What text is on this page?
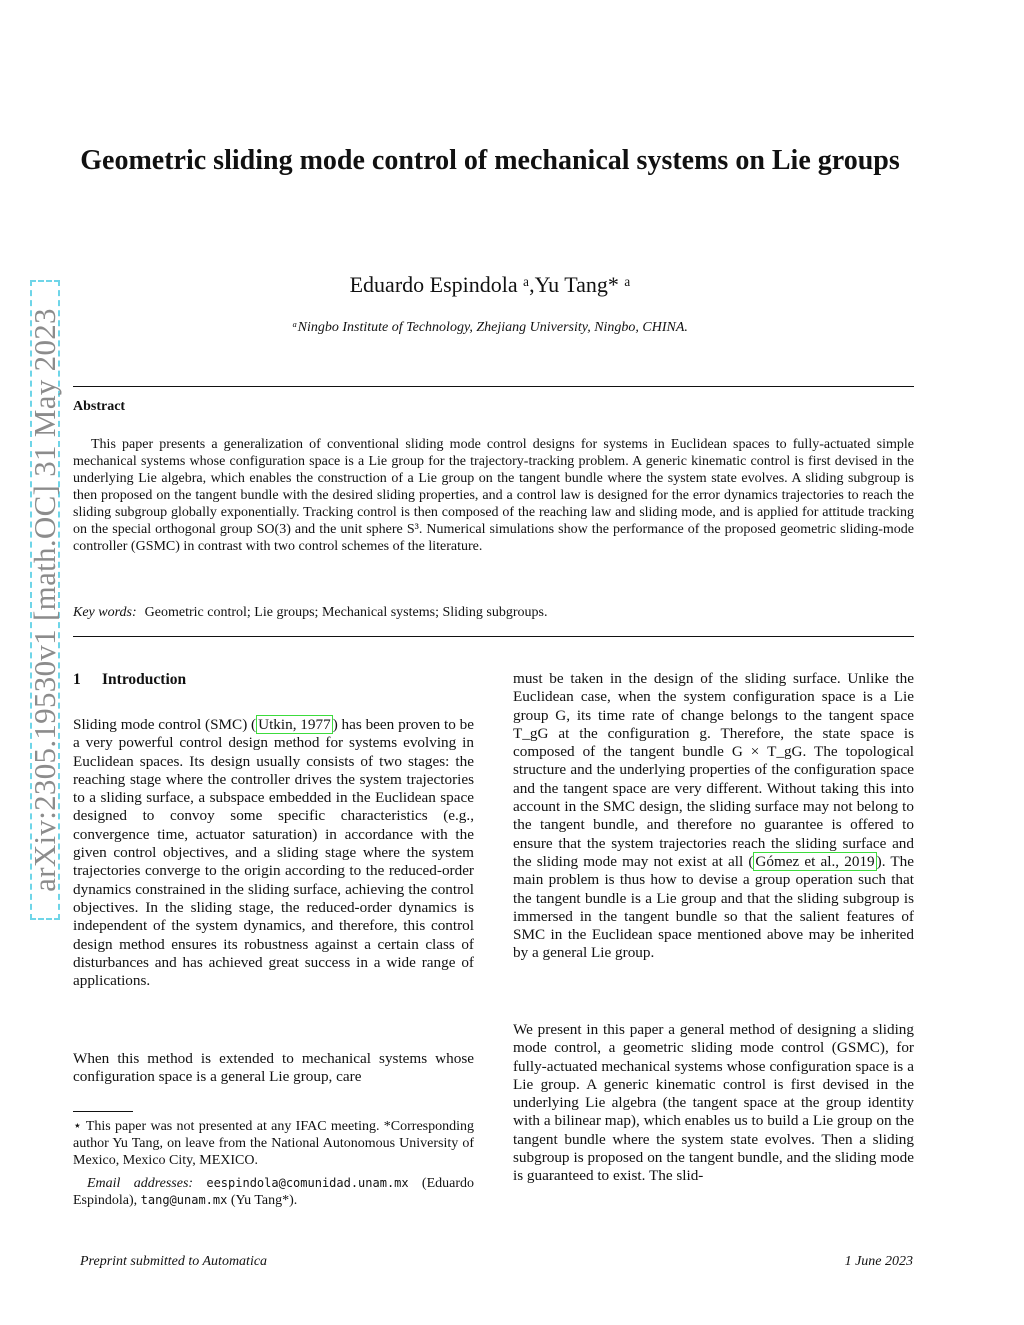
arXiv:2305.19530v1 [math.OC] 31 May 2023
Geometric sliding mode control of mechanical systems on Lie groups
Eduardo Espindola ᵃ,Yu Tang* ᵃ
ᵃNingbo Institute of Technology, Zhejiang University, Ningbo, CHINA.
Abstract

This paper presents a generalization of conventional sliding mode control designs for systems in Euclidean spaces to fully-actuated simple mechanical systems whose configuration space is a Lie group for the trajectory-tracking problem. A generic kinematic control is first devised in the underlying Lie algebra, which enables the construction of a Lie group on the tangent bundle where the system state evolves. A sliding subgroup is then proposed on the tangent bundle with the desired sliding properties, and a control law is designed for the error dynamics trajectories to reach the sliding subgroup globally exponentially. Tracking control is then composed of the reaching law and sliding mode, and is applied for attitude tracking on the special orthogonal group SO(3) and the unit sphere S³. Numerical simulations show the performance of the proposed geometric sliding-mode controller (GSMC) in contrast with two control schemes of the literature.

Key words: Geometric control; Lie groups; Mechanical systems; Sliding subgroups.
1 Introduction

Sliding mode control (SMC) ( Utkin, 1977 ) has been proven to be a very powerful control design method for systems evolving in Euclidean spaces. Its design usually consists of two stages: the reaching stage where the controller drives the system trajectories to a sliding surface, a subspace embedded in the Euclidean space designed to convoy some specific characteristics (e.g., convergence time, actuator saturation) in accordance with the given control objectives, and a sliding stage where the system trajectories converge to the origin according to the reduced-order dynamics constrained in the sliding surface, achieving the control objectives. In the sliding stage, the reduced-order dynamics is independent of the system dynamics, and therefore, this control design method ensures its robustness against a certain class of disturbances and has achieved great success in a wide range of applications.

When this method is extended to mechanical systems whose configuration space is a general Lie group, care

⋆ This paper was not presented at any IFAC meeting. *Corresponding author Yu Tang, on leave from the National Autonomous University of Mexico, Mexico City, MEXICO.

Email addresses: eespindola@comunidad.unam.mx (Eduardo Espindola), tang@unam.mx (Yu Tang*).

must be taken in the design of the sliding surface. Unlike the Euclidean case, when the system configuration space is a Lie group G, its time rate of change belongs to the tangent space T_gG at the configuration g. Therefore, the state space is composed of the tangent bundle G × T_gG. The topological structure and the underlying properties of the configuration space and the tangent space are very different. Without taking this into account in the SMC design, the sliding surface may not belong to the tangent bundle, and therefore no guarantee is offered to ensure that the system trajectories reach the sliding surface and the sliding mode may not exist at all ( Gómez et al., 2019 ). The main problem is thus how to devise a group operation such that the tangent bundle is a Lie group and that the sliding subgroup is immersed in the tangent bundle so that the salient features of SMC in the Euclidean space mentioned above may be inherited by a general Lie group.

We present in this paper a general method of designing a sliding mode control, a geometric sliding mode control (GSMC), for fully-actuated mechanical systems whose configuration space is a Lie group. A generic kinematic control is first devised in the underlying Lie algebra (the tangent space at the group identity with a bilinear map), which enables us to build a Lie group on the tangent bundle where the system state evolves. Then a sliding subgroup is proposed on the tangent bundle, and the sliding mode is guaranteed to exist. The slid-

Preprint submitted to Automatica	1 June 2023
